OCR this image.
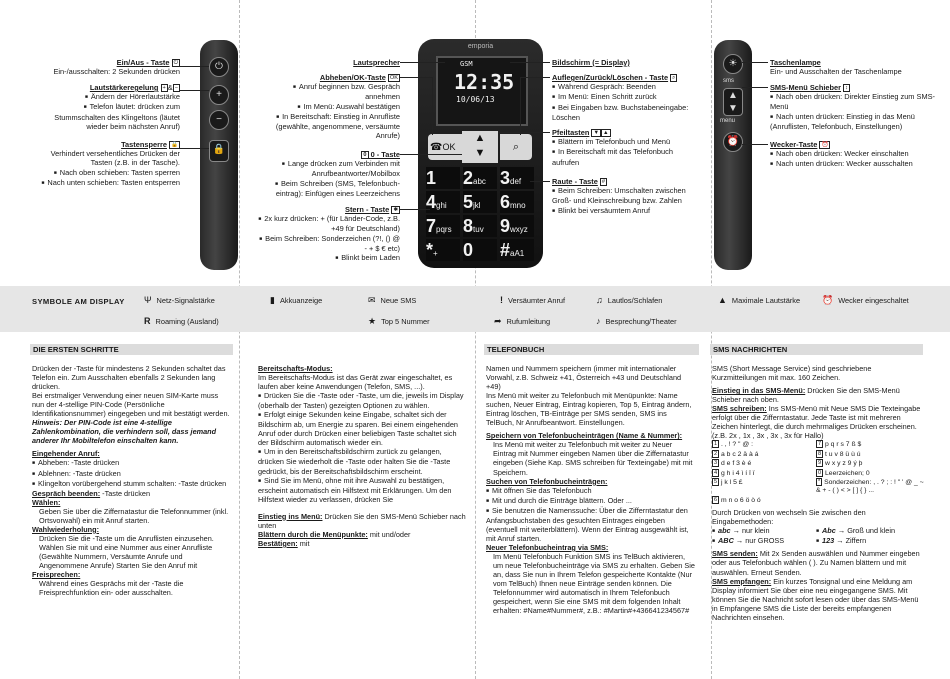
⏻
+
−
🔒
Ein/Aus - Taste ⏻
Ein-/ausschalten: 2 Sekunden drücken
Lautstärkeregelung + & −

■ Ändern der Hörerlautstärke
■ Telefon läutet: drücken zum Stummschalten des Klingeltons (läutet wieder beim nächsten Anruf)
Tastensperre 🔒
Verhindert versehentliches Drücken der Tasten (z.B. in der Tasche).

■ Nach oben schieben: Tasten sperren
■ Nach unten schieben: Tasten entsperren
emporia
GSM
12:35
10/06/13
☎OK
▲
▼	⌕
1	2abc 3def
4ghi 5jkl	6mno
7pqrs 8tuv 9wxyz
*+	0	#aA1
Lautsprecher
Abheben/OK-Taste OK

■ Anruf beginnen bzw. Gespräch annehmen
■ Im Menü: Auswahl bestätigen
■ In Bereitschaft: Einstieg in Anrufliste (gewählte, angenommene, versäumte Anrufe)
0 0 - Taste

■ Lange drücken zum Verbinden mit Anrufbeantworter/Mobilbox
■ Beim Schreiben (SMS, Telefonbuch-eintrag): Einfügen eines Leerzeichens
Stern - Taste ✱

■ 2x kurz drücken: + (für Länder-Code, z.B. +49 für Deutschland)
■ Beim Schreiben: Sonderzeichen (?!, () @ - + $ € etc)
■ Blinkt beim Laden
Bildschirm (= Display)
Auflegen/Zurück/Löschen - Taste ⌕

■ Während Gespräch: Beenden
■ Im Menü: Einen Schritt zurück
■ Bei Eingaben bzw. Buchstabeneingabe: Löschen
Pfeiltasten ▼ ▲

■ Blättern im Telefonbuch und Menü
■ In Bereitschaft mit das Telefonbuch aufrufen
Raute - Taste #

■ Beim Schreiben: Umschalten zwischen Groß- und Kleinschreibung bzw. Zahlen
■ Blinkt bei versäumtem Anruf
☀
sms
▲
▼
menu
⏰
Taschenlampe
Ein- und Ausschalten der Taschenlampe
SMS-Menü Schieber ↕

■ Nach oben drücken: Direkter Einstieg zum SMS-Menü
■ Nach unten drücken: Einstieg in das Menü (Anruflisten, Telefonbuch, Einstellungen)
Wecker-Taste ⏰

■ Nach oben drücken: Wecker einschalten
■ Nach unten drücken: Wecker ausschalten
SYMBOLE AM DISPLAY Ψ Netz-Signalstärke	▮ Akkuanzeige	✉ Neue SMS	! Versäumter Anruf	♫ Lautlos/Schlafen	▲ Maximale Lautstärke ⏰ Wecker eingeschaltet
R Roaming (Ausland)	★ Top 5 Nummer	➦ Rufumleitung	♪ Besprechung/Theater
DIE ERSTEN SCHRITTE	TELEFONBUCH	SMS NACHRICHTEN

Drücken der -Taste für mindestens 2 Sekunden schaltet das Telefon ein. Zum Ausschalten ebenfalls 2 Sekunden lang drücken.

Bei erstmaliger Verwendung einer neuen SIM-Karte muss nun der 4-stellige PIN-Code (Persönliche Identifikationsnummer) eingegeben und mit bestätigt werden.

Hinweis: Der PIN-Code ist eine 4-stellige Zahlenkombination, die verhindern soll, dass jemand anderer Ihr Mobiltelefon einschalten kann.

Eingehender Anruf:

■ Abheben: -Taste drücken

■ Ablehnen: -Taste drücken

■ Klingelton vorübergehend stumm schalten: -Taste drücken

Gespräch beenden: -Taste drücken

Wählen:

Geben Sie über die Ziffernatastur die Telefonnummer (inkl. Ortsvorwahl) ein mit Anruf starten.

Wahlwiederholung:

Drücken Sie die -Taste um die Anruflisten einzusehen. Wählen Sie mit und eine Nummer aus einer Anrufliste (Gewählte Nummern, Versäumte Anrufe und Angenommene Anrufe) Starten Sie den Anruf mit

Freisprechen:

Während eines Gesprächs mit der -Taste die Freisprechfunktion ein- oder ausschalten.

Bereitschafts-Modus:

Im Bereitschafts-Modus ist das Gerät zwar eingeschaltet, es laufen aber keine Anwendungen (Telefon, SMS, ...).

■ Drücken Sie die -Taste oder -Taste, um die, jeweils im Display (oberhalb der Tasten) gezeigten Optionen zu wählen.

■ Erfolgt einige Sekunden keine Eingabe, schaltet sich der Bildschirm ab, um Energie zu sparen. Bei einem eingehenden Anruf oder durch Drücken einer beliebigen Taste schaltet sich der Bildschirm automatisch wieder ein.

■ Um in den Bereitschaftsbildschirm zurück zu gelangen, drücken Sie wiederholt die -Taste oder halten Sie die -Taste gedrückt, bis der Bereitschaftsbildschirm erscheint.

■ Sind Sie im Menü, ohne mit ihre Auswahl zu bestätigen, erscheint automatisch ein Hilfstext mit Erklärungen. Um den Hilfstext wieder zu verlassen, drücken Sie

Einstieg ins Menü: Drücken Sie den SMS-Menü Schieber nach unten

Blättern durch die Menüpunkte: mit und/oder

Bestätigen: mit

Namen und Nummern speichern (immer mit internationaler Vorwahl, z.B. Schweiz +41, Österreich +43 und Deutschland +49)

Ins Menü mit weiter zu Telefonbuch mit Menüpunkte: Name suchen, Neuer Eintrag, Eintrag kopieren, Top 5, Eintrag ändern, Eintrag löschen, TB-Einträge per SMS senden, SMS ins TelBuch, Nr Anrufbeantwort. Einstellungen.

Speichern von Telefonbucheinträgen (Name & Nummer):

Ins Menü mit weiter zu Telefonbuch mit weiter zu Neuer Eintrag mit Nummer eingeben Namen über die Ziffernatastur eingeben (Siehe Kap. SMS schreiben für Texteingabe) mit mit Speichern.

Suchen von Telefonbucheinträgen:

■ Mit öffnen Sie das Telefonbuch

■ Mit und durch die Einträge blättern. Oder ...

■ Sie benutzen die Namenssuche: Über die Zifferntastatur den Anfangsbuchstaben des gesuchten Eintrages eingeben (eventuell mit weiterblättern). Wenn der Eintrag ausgewählt ist, mit Anruf starten.

Neuer Telefonbucheintrag via SMS:

Im Menü Telefonbuch Funktion SMS ins TelBuch aktivieren, um neue Telefonbucheinträge via SMS zu erhalten. Geben Sie an, dass Sie nun in Ihrem Telefon gespeicherte Kontakte (Nur vom TelBuch) Ihnen neue Einträge senden können. Die Telefonnummer wird automatisch in Ihrem Telefonbuch gespeichert, wenn Sie eine SMS mit dem folgenden Inhalt erhalten: #Name#Nummer#, z.B.: #Martin#+436641234567#

SMS (Short Message Service) sind geschriebene Kurzmitteilungen mit max. 160 Zeichen.

Einstieg in das SMS-Menü: Drücken Sie den SMS-Menü Schieber nach oben.

SMS schreiben: Ins SMS-Menü mit Neue SMS Die Texteingabe erfolgt über die Zifferntastatur. Jede Taste ist mit mehreren Zeichen hinterlegt, die durch mehrmaliges Drücken erscheinen.

(z.B. 2x , 1x , 3x , 3x , 3x für Hallo)

1 . , ! ? " @ :	7 p q r s 7 ß $
2 a b c 2 ä à á	8 t u v 8 ü ù ú
3 d e f 3 è é	9 w x y z 9 ý þ
4 g h i 4 ì í î ï	0 Leerzeichen; 0
5 j k l 5 £	* Sonderzeichen: , . ? ; : ! " ' @ _ ~ & + - ( ) < > [ ] { } ...
6 m n o 6 ö ò ó

Durch Drücken von wechseln Sie zwischen den Eingabemethoden:

■ abc → nur klein	■ Abc → Groß und klein
■ ABC → nur GROSS	■ 123 → Ziffern

SMS senden: Mit 2x Senden auswählen und Nummer eingeben oder aus Telefonbuch wählen ( ). Zu Namen blättern und mit auswählen. Erneut Senden.

SMS empfangen: Ein kurzes Tonsignal und eine Meldung am Display informiert Sie über eine neu eingegangene SMS. Mit können Sie die Nachricht sofort lesen oder über das SMS-Menü in Empfangene SMS die Liste der bereits empfangenen Nachrichten einsehen.
